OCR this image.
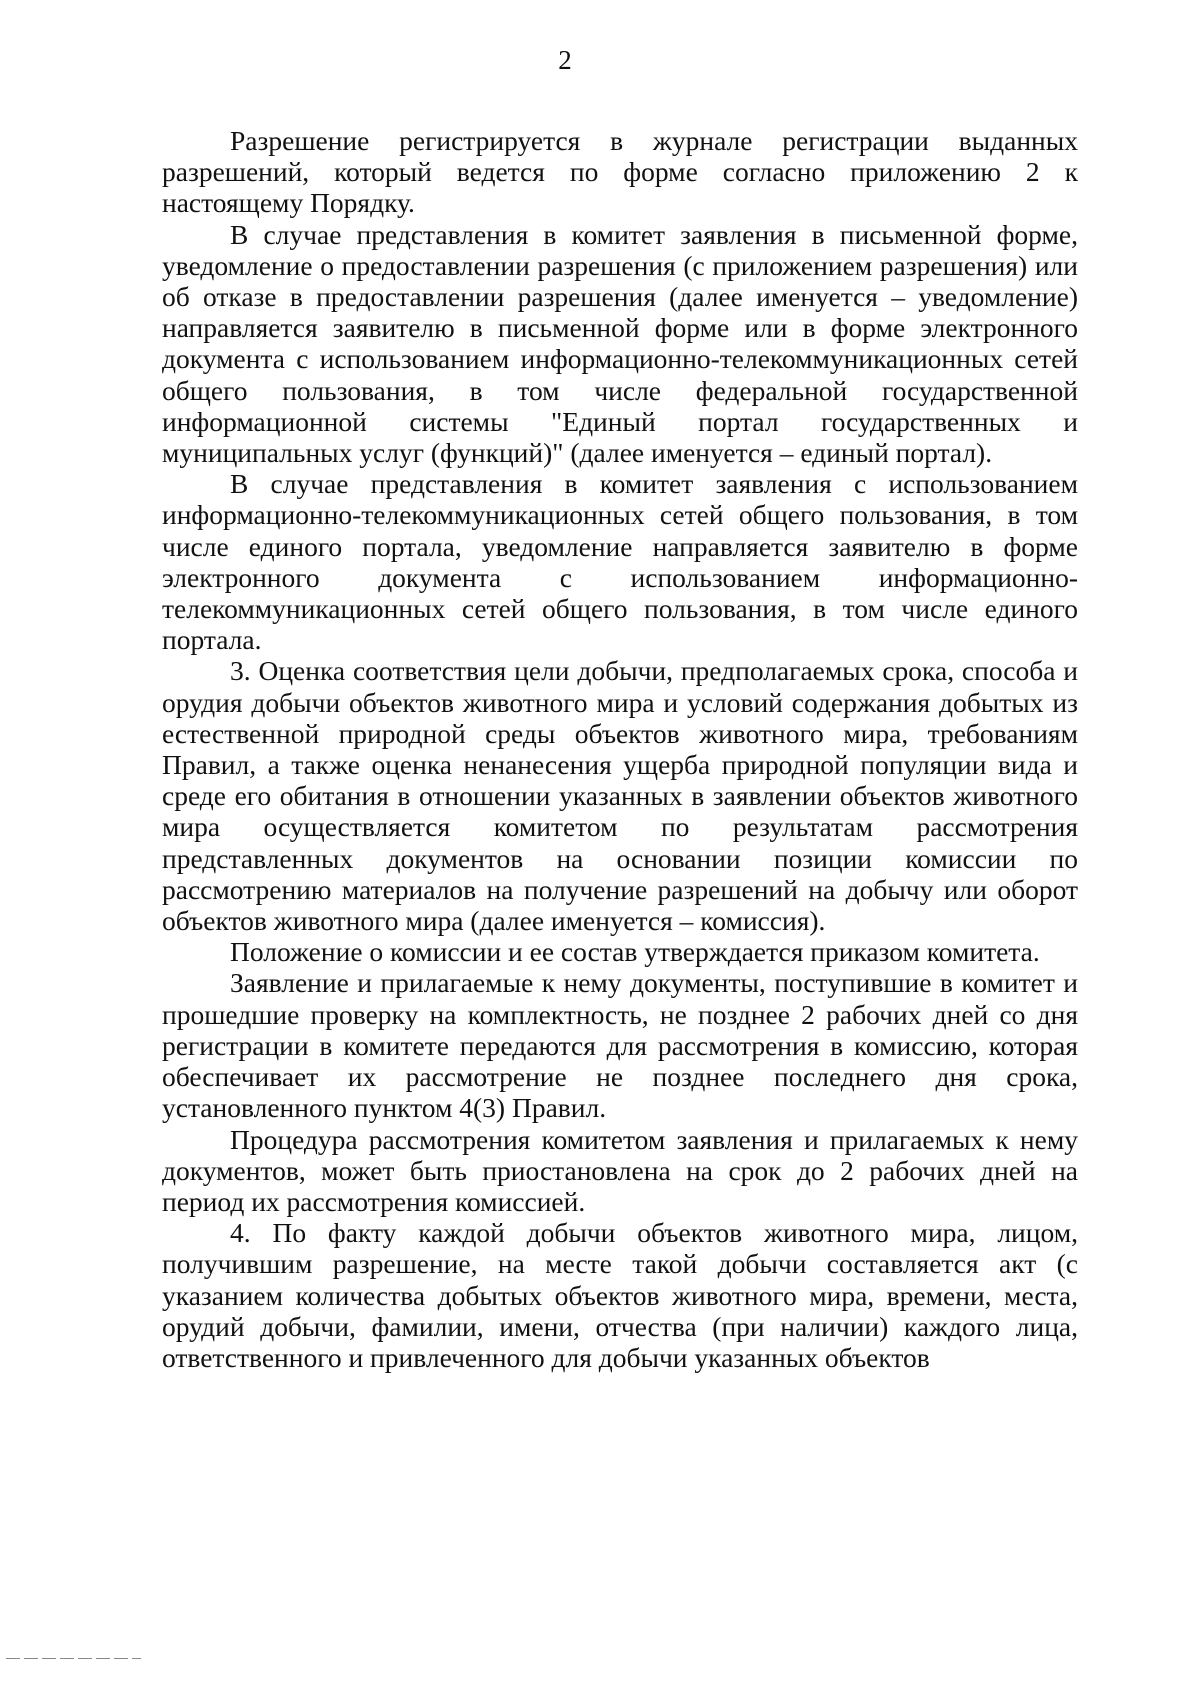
2

Разрешение регистрируется в журнале регистрации выданных разрешений, который ведется по форме согласно приложению 2 к настоящему Порядку.

В случае представления в комитет заявления в письменной форме, уведомление о предоставлении разрешения (с приложением разрешения) или об отказе в предоставлении разрешения (далее именуется – уведомление) направляется заявителю в письменной форме или в форме электронного документа с использованием информационно-телекоммуникационных сетей общего пользования, в том числе федеральной государственной информационной системы "Единый портал государственных и муниципальных услуг (функций)" (далее именуется – единый портал).

В случае представления в комитет заявления с использованием информационно-телекоммуникационных сетей общего пользования, в том числе единого портала, уведомление направляется заявителю в форме электронного документа с использованием информационно-телекоммуникационных сетей общего пользования, в том числе единого портала.

3. Оценка соответствия цели добычи, предполагаемых срока, способа и орудия добычи объектов животного мира и условий содержания добытых из естественной природной среды объектов животного мира, требованиям Правил, а также оценка ненанесения ущерба природной популяции вида и среде его обитания в отношении указанных в заявлении объектов животного мира осуществляется комитетом по результатам рассмотрения представленных документов на основании позиции комиссии по рассмотрению материалов на получение разрешений на добычу или оборот объектов животного мира (далее именуется – комиссия).

Положение о комиссии и ее состав утверждается приказом комитета.

Заявление и прилагаемые к нему документы, поступившие в комитет и прошедшие проверку на комплектность, не позднее 2 рабочих дней со дня регистрации в комитете передаются для рассмотрения в комиссию, которая обеспечивает их рассмотрение не позднее последнего дня срока, установленного пунктом 4(3) Правил.

Процедура рассмотрения комитетом заявления и прилагаемых к нему документов, может быть приостановлена на срок до 2 рабочих дней на период их рассмотрения комиссией.

4. По факту каждой добычи объектов животного мира, лицом, получившим разрешение, на месте такой добычи составляется акт (с указанием количества добытых объектов животного мира, времени, места, орудий добычи, фамилии, имени, отчества (при наличии) каждого лица, ответственного и привлеченного для добычи указанных объектов
